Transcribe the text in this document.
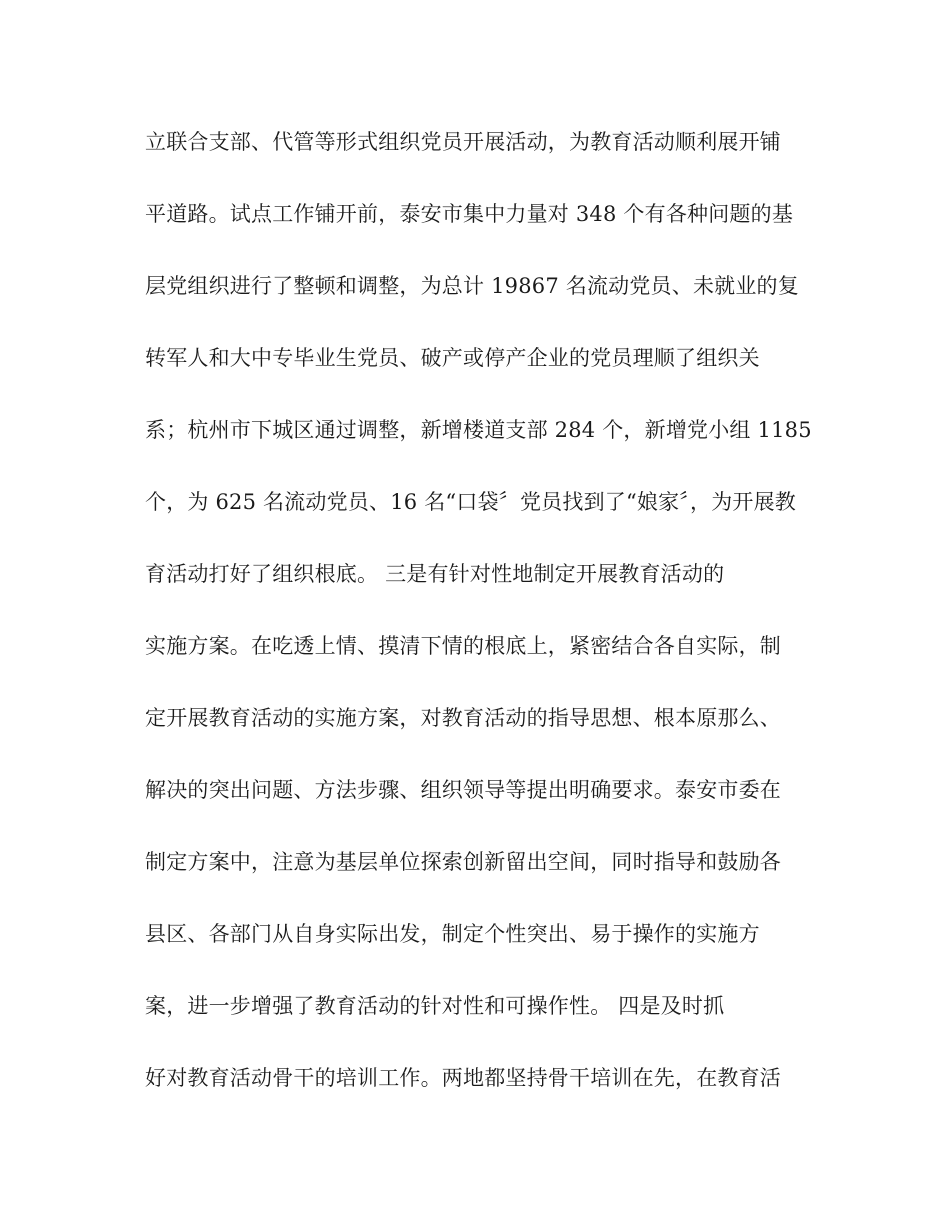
立联合支部、代管等形式组织党员开展活动，为教育活动顺利展开铺
平道路。试点工作铺开前，泰安市集中力量对 348 个有各种问题的基
层党组织进行了整顿和调整，为总计 19867 名流动党员、未就业的复
转军人和大中专毕业生党员、破产或停产企业的党员理顺了组织关
系；杭州市下城区通过调整，新增楼道支部 284 个，新增党小组 1185
个，为 625 名流动党员、16 名“口袋〞党员找到了“娘家〞，为开展教
育活动打好了组织根底。 三是有针对性地制定开展教育活动的
实施方案。在吃透上情、摸清下情的根底上，紧密结合各自实际，制
定开展教育活动的实施方案，对教育活动的指导思想、根本原那么、
解决的突出问题、方法步骤、组织领导等提出明确要求。泰安市委在
制定方案中，注意为基层单位探索创新留出空间，同时指导和鼓励各
县区、各部门从自身实际出发，制定个性突出、易于操作的实施方
案，进一步增强了教育活动的针对性和可操作性。 四是及时抓
好对教育活动骨干的培训工作。两地都坚持骨干培训在先，在教育活
